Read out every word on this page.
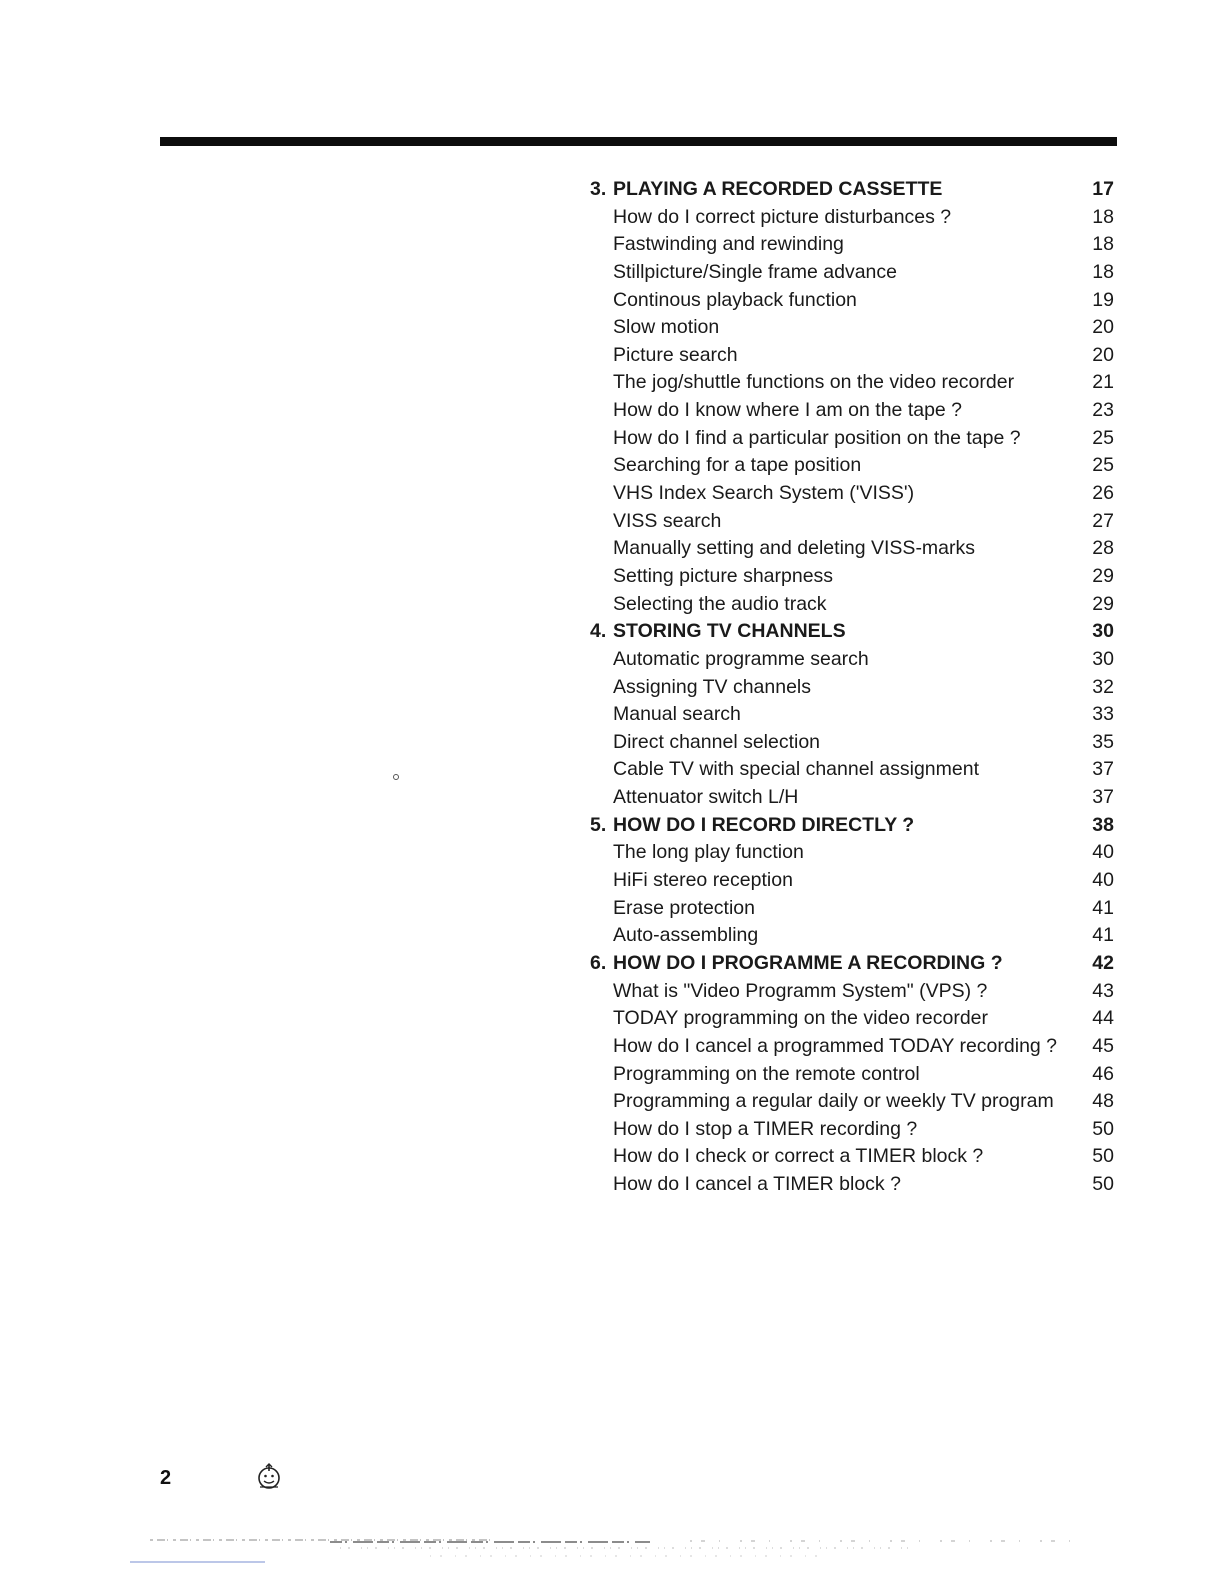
3. PLAYING A RECORDED CASSETTE	17
How do I correct picture disturbances ?	18
Fastwinding and rewinding	18
Stillpicture/Single frame advance	18
Continous playback function	19
Slow motion	20
Picture search	20
The jog/shuttle functions on the video recorder	21
How do I know where I am on the tape ?	23
How do I find a particular position on the tape ?	25
Searching for a tape position	25
VHS Index Search System ('VISS')	26
VISS search	27
Manually setting and deleting VISS-marks	28
Setting picture sharpness	29
Selecting the audio track	29
4. STORING TV CHANNELS	30
Automatic programme search	30
Assigning TV channels	32
Manual search	33
Direct channel selection	35
Cable TV with special channel assignment	37
Attenuator switch L/H	37
5. HOW DO I RECORD DIRECTLY ?	38
The long play function	40
HiFi stereo reception	40
Erase protection	41
Auto-assembling	41
6. HOW DO I PROGRAMME A RECORDING ?	42
What is "Video Programm System" (VPS) ?	43
TODAY programming on the video recorder	44
How do I cancel a programmed TODAY recording ? 45
Programming on the remote control	46
Programming a regular daily or weekly TV program 48
How do I stop a TIMER recording ?	50
How do I check or correct a TIMER block ?	50
How do I cancel a TIMER block ?	50
2
